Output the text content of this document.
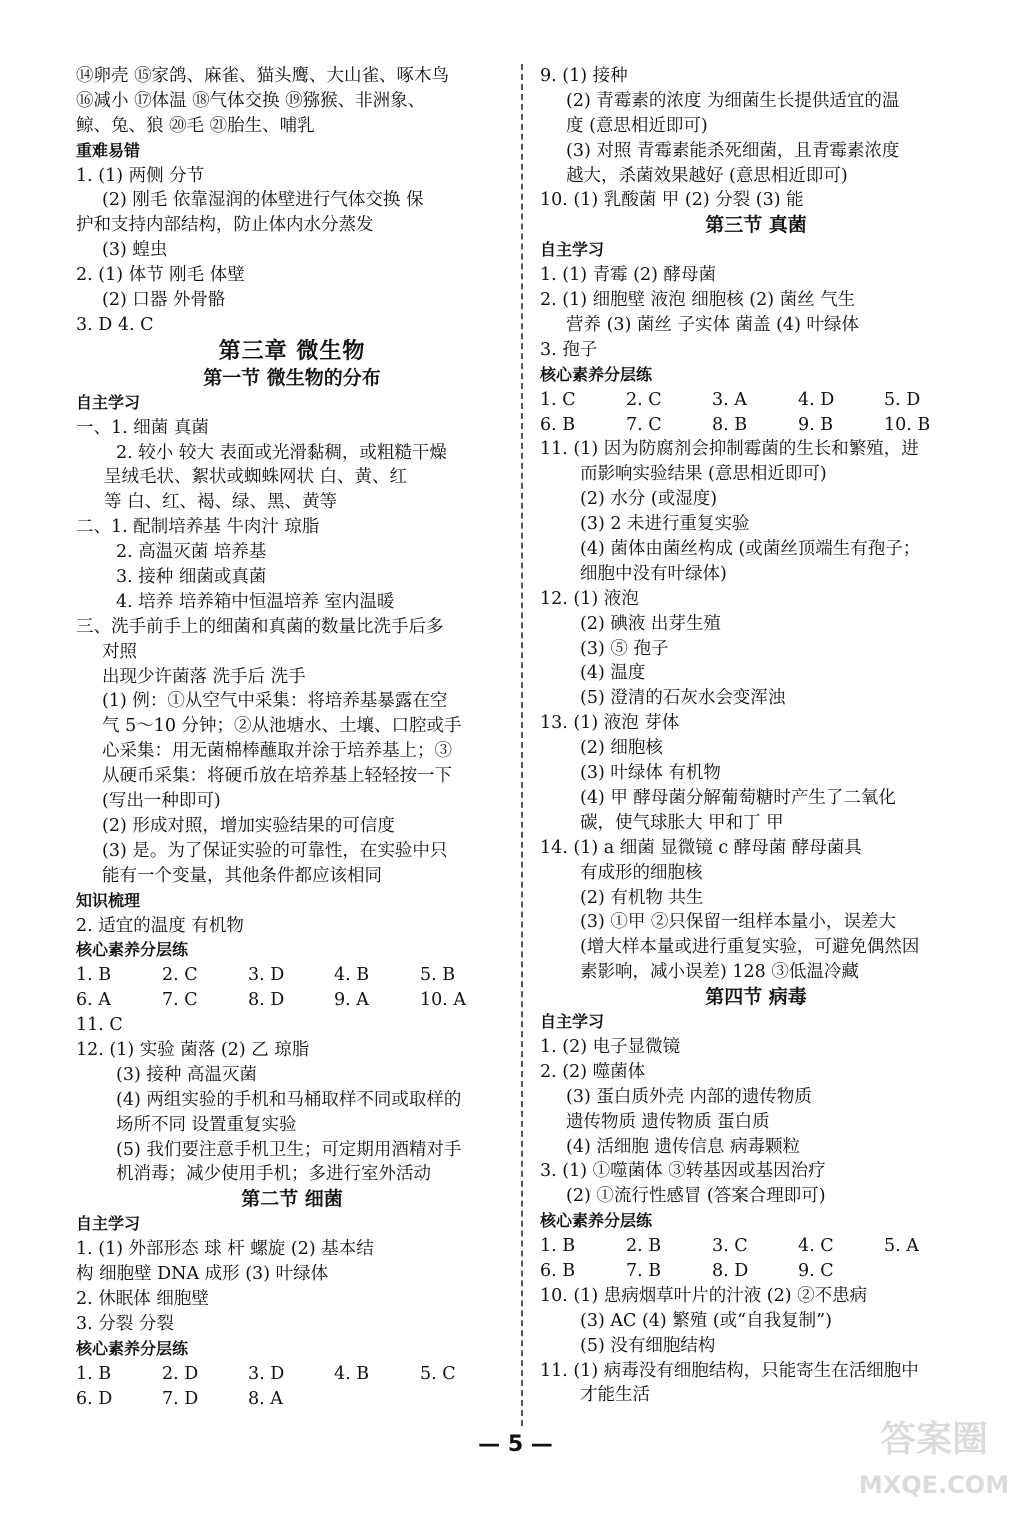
⑭卵壳 ⑮家鸽、麻雀、猫头鹰、大山雀、啄木鸟
⑯减小 ⑰体温 ⑱气体交换 ⑲猕猴、非洲象、
鲸、兔、狼 ⑳毛 ㉑胎生、哺乳
重难易错
1. (1) 两侧 分节
(2) 刚毛 依靠湿润的体壁进行气体交换 保
护和支持内部结构，防止体内水分蒸发
(3) 蝗虫
2. (1) 体节 刚毛 体壁
(2) 口器 外骨骼
3. D 4. C
第三章 微生物
第一节 微生物的分布
自主学习
一、1. 细菌 真菌
2. 较小 较大 表面或光滑黏稠，或粗糙干燥
呈绒毛状、絮状或蜘蛛网状 白、黄、红
等 白、红、褐、绿、黑、黄等
二、1. 配制培养基 牛肉汁 琼脂
2. 高温灭菌 培养基
3. 接种 细菌或真菌
4. 培养 培养箱中恒温培养 室内温暖
三、洗手前手上的细菌和真菌的数量比洗手后多
对照
出现少许菌落 洗手后 洗手
(1) 例：①从空气中采集：将培养基暴露在空
气 5～10 分钟；②从池塘水、土壤、口腔或手
心采集：用无菌棉棒蘸取并涂于培养基上；③
从硬币采集：将硬币放在培养基上轻轻按一下
(写出一种即可)
(2) 形成对照，增加实验结果的可信度
(3) 是。为了保证实验的可靠性，在实验中只
能有一个变量，其他条件都应该相同
知识梳理
2. 适宜的温度 有机物
核心素养分层练
1. B	2. C	3. D	4. B	5. B
6. A	7. C	8. D	9. A	10. A
11. C
12. (1) 实验 菌落 (2) 乙 琼脂
(3) 接种 高温灭菌
(4) 两组实验的手机和马桶取样不同或取样的
场所不同 设置重复实验
(5) 我们要注意手机卫生；可定期用酒精对手
机消毒；减少使用手机；多进行室外活动
第二节 细菌
自主学习
1. (1) 外部形态 球 杆 螺旋 (2) 基本结
构 细胞壁 DNA 成形 (3) 叶绿体
2. 休眠体 细胞壁
3. 分裂 分裂
核心素养分层练
1. B	2. D	3. D	4. B	5. C
6. D	7. D	8. A
9. (1) 接种
(2) 青霉素的浓度 为细菌生长提供适宜的温
度 (意思相近即可)
(3) 对照 青霉素能杀死细菌，且青霉素浓度
越大，杀菌效果越好 (意思相近即可)
10. (1) 乳酸菌 甲 (2) 分裂 (3) 能
第三节 真菌
自主学习
1. (1) 青霉 (2) 酵母菌
2. (1) 细胞壁 液泡 细胞核 (2) 菌丝 气生
营养 (3) 菌丝 子实体 菌盖 (4) 叶绿体
3. 孢子
核心素养分层练
1. C	2. C	3. A	4. D	5. D
6. B	7. C	8. B	9. B	10. B
11. (1) 因为防腐剂会抑制霉菌的生长和繁殖，进
而影响实验结果 (意思相近即可)
(2) 水分 (或湿度)
(3) 2 未进行重复实验
(4) 菌体由菌丝构成 (或菌丝顶端生有孢子；
细胞中没有叶绿体)
12. (1) 液泡
(2) 碘液 出芽生殖
(3) ⑤ 孢子
(4) 温度
(5) 澄清的石灰水会变浑浊
13. (1) 液泡 芽体
(2) 细胞核
(3) 叶绿体 有机物
(4) 甲 酵母菌分解葡萄糖时产生了二氧化
碳，使气球胀大 甲和丁 甲
14. (1) a 细菌 显微镜 c 酵母菌 酵母菌具
有成形的细胞核
(2) 有机物 共生
(3) ①甲 ②只保留一组样本量小，误差大
(增大样本量或进行重复实验，可避免偶然因
素影响，减小误差) 128 ③低温冷藏
第四节 病毒
自主学习
1. (2) 电子显微镜
2. (2) 噬菌体
(3) 蛋白质外壳 内部的遗传物质
遗传物质 遗传物质 蛋白质
(4) 活细胞 遗传信息 病毒颗粒
3. (1) ①噬菌体 ③转基因或基因治疗
(2) ①流行性感冒 (答案合理即可)
核心素养分层练
1. B	2. B	3. C	4. C	5. A
6. B	7. B	8. D	9. C
10. (1) 患病烟草叶片的汁液 (2) ②不患病
(3) AC (4) 繁殖 (或“自我复制”)
(5) 没有细胞结构
11. (1) 病毒没有细胞结构，只能寄生在活细胞中
才能生活
— 5 —	答案圈
MXQE.COM
